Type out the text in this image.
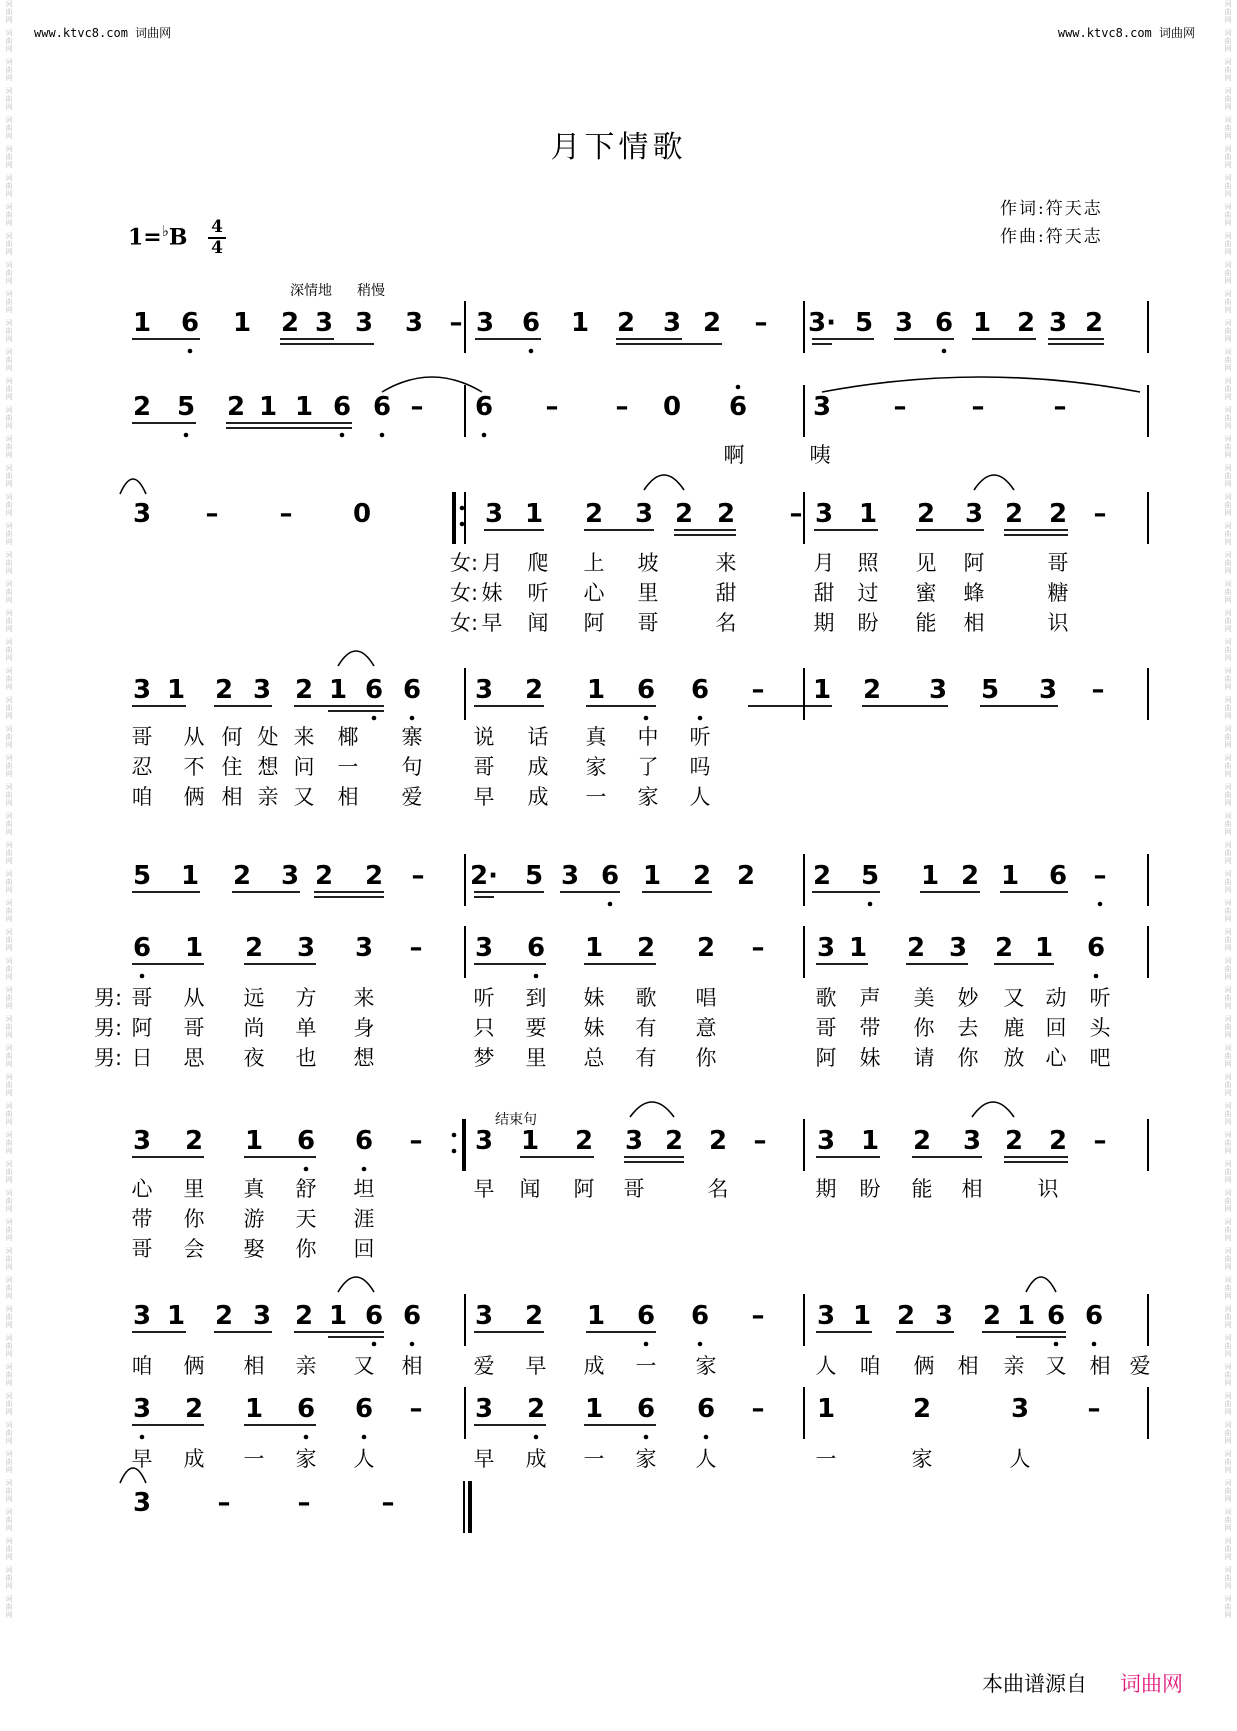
词
曲
网
词
曲
网
词
曲
网
词
曲
网
词
曲
网
词
曲
网
词
曲
网
词
曲
网
词
曲
网
词
曲
网
词
曲
网
词
曲
网
词
曲
网
词
曲
网
词
曲
网
词
曲
网
词
曲
网
词
曲
网
词
曲
网
词
曲
网
词
曲
网
词
曲
网
词
曲
网
词
曲
网
词
曲
网
词
曲
网
词
曲
网
词
曲
网
词
曲
网
词
曲
网
词
曲
网
词
曲
网
词
曲
网
词
曲
网
词
曲
网
词
曲
网
词
曲
网
词
曲
网
词
曲
网
词
曲
网
词
曲
网
词
曲
网
词
曲
网
词
曲
网
词
曲
网
词
曲
网
词
曲
网
词
曲
网
词
曲
网
词
曲
网
词
曲
网
词
曲
网
词
曲
网
词
曲
网
词
曲
网
词
曲
网
词
曲
网
词
曲
网
词
曲
网
词
曲
网
词
曲
网
词
曲
网
词
曲
网
词
曲
网
词
曲
网
词
曲
网
词
曲
网
词
曲
网
词
曲
网
词
曲
网
词
曲
网
词
曲
网
词
曲
网
词
曲
网
词
曲
网
词
曲
网
词
曲
网
词
曲
网
词
曲
网
词
曲
网
词
曲
网
词
曲
网
词
曲
网
词
曲
网
词
曲
网
词
曲
网
词
曲
网
词
曲
网
词
曲
网
词
曲
网
词
曲
网
词
曲
网
词
曲
网
词
曲
网
词
曲
网
词
曲
网
词
曲
网
词
曲
网
词
曲
网
词
曲
网
词
曲
网
词
曲
网
词
曲
网
词
曲
网
词
曲
网
词
曲
网
词
曲
网
词
曲
网
词
曲
网
词
曲
网
词
曲
网
词
曲
网
www.ktvc8.com 词曲网	www.ktvc8.com 词曲网
月下情歌
作词:符天志
作曲:符天志
1=♭B 4
4
深情地 稍慢
结束句
1 6 1 2 3 3 3 – 3 6 1 2 3 2 – 3· 5 3 6 1 2 3 2
2 5 2 1 1 6 6 – 6 – – 0 6	3 –	–	–
3 – – 0	3 1 2 3 2 2 – 3 1 2 3 2 2 –
3 1 2 3 2 1 6 6 3 2 1 6 6 – 1 2 3 5 3 –
5 1 2 3 2 2 – 2· 5 3 6 1 2 2 2 5 1 2 1 6 –
6 1 2 3 3 – 3 6 1 2 2 – 3 1 2 3 2 1 6
3 2 1 6 6 – 3 1 2 3 2 2 – 3 1 2 3 2 2 –
3 1 2 3 2 1 6 6 3 2 1 6 6 – 3 1 2 3 2 1 6 6
3 2 1 6 6 – 3 2 1 6 6 – 1	2	3 –
3	–	–	–
啊	咦
女: 月 爬 上 坡	来	月 照 见 阿	哥
女: 妹 听 心 里	甜	甜 过 蜜 蜂	糖
女: 早 闻 阿 哥	名	期 盼 能 相	识
哥 从 何 处 来 椰 寨 说 话 真 中 听
忍 不 住 想 问 一 句 哥 成 家 了 吗
咱 俩 相 亲 又 相 爱 早 成 一 家 人
男: 哥 从 远 方 来	听 到 妹 歌 唱	歌 声 美 妙 又 动 听
男: 阿 哥 尚 单 身	只 要 妹 有 意	哥 带 你 去 鹿 回 头
男: 日 思 夜 也 想	梦 里 总 有 你	阿 妹 请 你 放 心 吧
心 里 真 舒 坦	早 闻 阿 哥	名	期 盼 能 相	识
带 你 游 天 涯
哥 会 娶 你 回
咱 俩 相 亲 又 相 爱 早 成 一 家	人 咱 俩 相 亲 又 相 爱
早 成 一 家 人	早 成 一 家 人	一	家	人
本曲谱源自 词曲网
